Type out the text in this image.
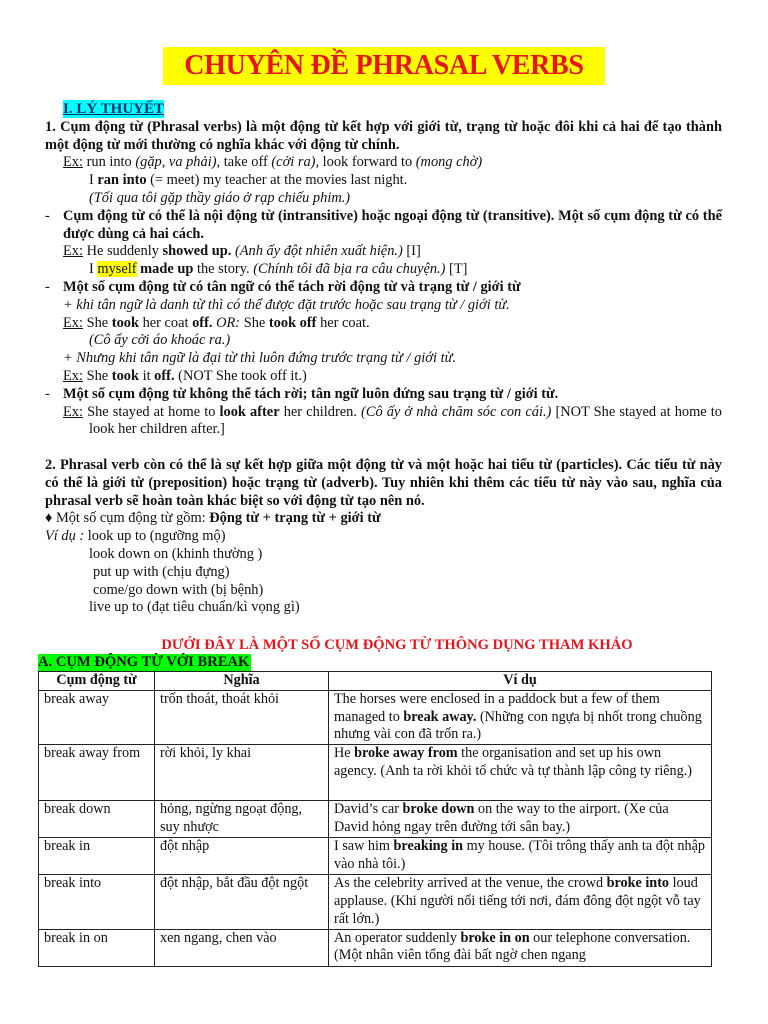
CHUYÊN ĐỀ PHRASAL VERBS
I. LÝ THUYẾT
1. Cụm động từ (Phrasal verbs) là một động từ kết hợp với giới từ, trạng từ hoặc đôi khi cả hai để tạo thành một động từ mới thường có nghĩa khác với động từ chính.
Ex: run into (gặp, va phải), take off (cởi ra), look forward to (mong chờ)
I ran into (= meet) my teacher at the movies last night.
(Tối qua tôi gặp thầy giáo ở rạp chiếu phim.)
- Cụm động từ có thể là nội động từ (intransitive) hoặc ngoại động từ (transitive). Một số cụm động từ có thể được dùng cả hai cách.
Ex: He suddenly showed up. (Anh ấy đột nhiên xuất hiện.) [I]
I myself made up the story. (Chính tôi đã bịa ra câu chuyện.) [T]
- Một số cụm động từ có tân ngữ có thể tách rời động từ và trạng từ / giới từ
+ khi tân ngữ là danh từ thì có thể được đặt trước hoặc sau trạng từ / giới từ.
Ex: She took her coat off. OR: She took off her coat.
(Cô ấy cởi áo khoác ra.)
+ Nhưng khi tân ngữ là đại từ thì luôn đứng trước trạng từ / giới từ.
Ex: She took it off. (NOT She took off it.)
- Một số cụm động từ không thể tách rời; tân ngữ luôn đứng sau trạng từ / giới từ.
Ex: She stayed at home to look after her children. (Cô ấy ở nhà chăm sóc con cái.) [NOT She stayed at home to look her children after.]
2. Phrasal verb còn có thể là sự kết hợp giữa một động từ và một hoặc hai tiểu từ (particles). Các tiểu từ này có thể là giới từ (preposition) hoặc trạng từ (adverb). Tuy nhiên khi thêm các tiểu từ này vào sau, nghĩa của phrasal verb sẽ hoàn toàn khác biệt so với động từ tạo nên nó.
♦ Một số cụm động từ gồm: Động từ + trạng từ + giới từ
Ví dụ : look up to (ngưỡng mộ)
look down on (khinh thường )
put up with (chịu đựng)
come/go down with (bị bệnh)
live up to (đạt tiêu chuẩn/kì vọng gì)
DƯỚI ĐÂY LÀ MỘT SỐ CỤM ĐỘNG TỪ THÔNG DỤNG THAM KHẢO
A. CỤM ĐỘNG TỪ VỚI BREAK
Cụm động từ	Nghĩa	Ví dụ
break away	trốn thoát, thoát khỏi	The horses were enclosed in a paddock but a few of them managed to break away. (Những con ngựa bị nhốt trong chuồng nhưng vài con đã trốn ra.)
break away from	rời khỏi, ly khai	He broke away from the organisation and set up his own agency. (Anh ta rời khỏi tổ chức và tự thành lập công ty riêng.)
break down	hỏng, ngừng ngoạt động, suy nhược	David’s car broke down on the way to the airport. (Xe của David hỏng ngay trên đường tới sân bay.)
break in	đột nhập	I saw him breaking in my house. (Tôi trông thấy anh ta đột nhập vào nhà tôi.)
break into	đột nhập, bắt đầu đột ngột	As the celebrity arrived at the venue, the crowd broke into loud applause. (Khi người nổi tiếng tới nơi, đám đông đột ngột vỗ tay rất lớn.)
break in on	xen ngang, chen vào	An operator suddenly broke in on our telephone conversation. (Một nhân viên tổng đài bất ngờ chen ngang
